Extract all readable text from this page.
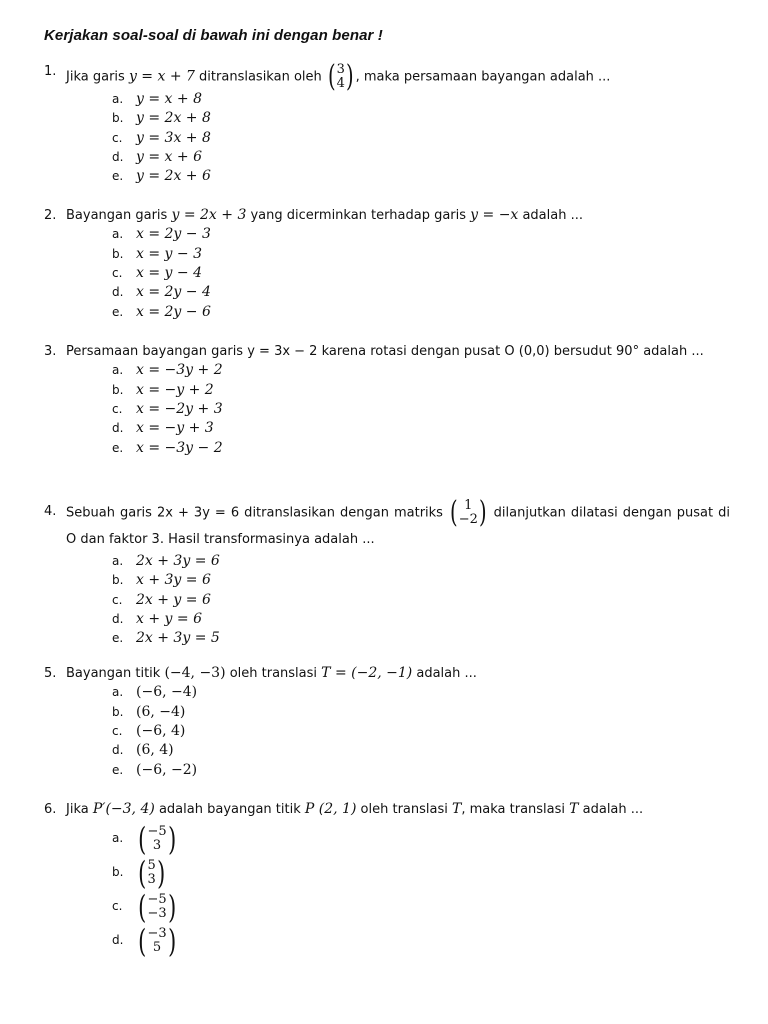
Kerjakan soal-soal di bawah ini dengan benar !
1. Jika garis y = x + 7 ditranslasikan oleh ( 3
4 ) , maka persamaan bayangan adalah ...
a. y = x + 8
b. y = 2x + 8
c. y = 3x + 8
d. y = x + 6
e. y = 2x + 6
2. Bayangan garis y = 2x + 3 yang dicerminkan terhadap garis y = −x adalah ...
a. x = 2y − 3
b. x = y − 3
c. x = y − 4
d. x = 2y − 4
e. x = 2y − 6
3. Persamaan bayangan garis y = 3x − 2 karena rotasi dengan pusat O (0,0) bersudut 90° adalah ...
a. x = −3y + 2
b. x = −y + 2
c. x = −2y + 3
d. x = −y + 3
e. x = −3y − 2
4. Sebuah garis 2x + 3y = 6 ditranslasikan dengan matriks ( 1
−2 ) dilanjutkan dilatasi dengan pusat di O dan faktor 3. Hasil transformasinya adalah ...
a. 2x + 3y = 6
b. x + 3y = 6
c. 2x + y = 6
d. x + y = 6
e. 2x + 3y = 5
5. Bayangan titik (−4, −3) oleh translasi T = (−2, −1) adalah ...
a. (−6, −4)
b. (6, −4)
c. (−6, 4)
d. (6, 4)
e. (−6, −2)
6. Jika P′(−3, 4) adalah bayangan titik P (2, 1) oleh translasi T, maka translasi T adalah ...
a. ( −5
3 )
b. ( 5
3 )
c. ( −5
−3 )
d. ( −3
5 )
